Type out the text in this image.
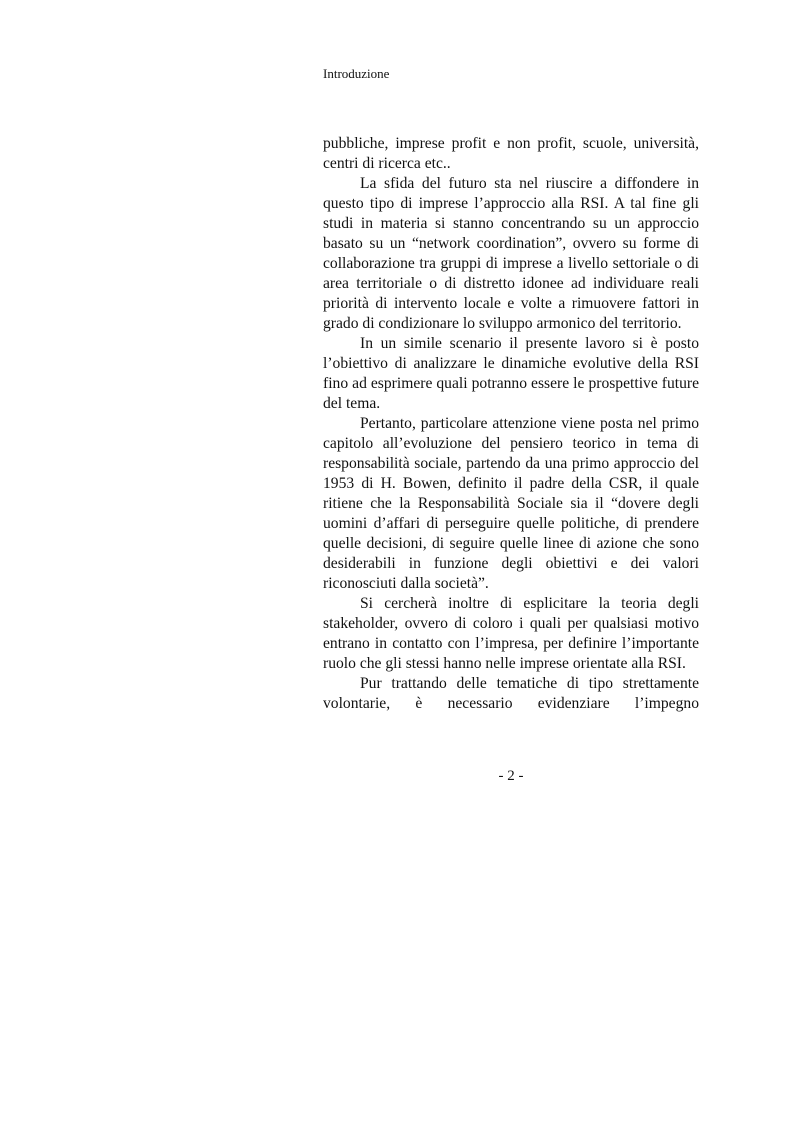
Introduzione

pubbliche, imprese profit e non profit, scuole, università, centri di ricerca etc..

La sfida del futuro sta nel riuscire a diffondere in questo tipo di imprese l’approccio alla RSI. A tal fine gli studi in materia si stanno concentrando su un approccio basato su un “network coordination”, ovvero su forme di collaborazione tra gruppi di imprese a livello settoriale o di area territoriale o di distretto idonee ad individuare reali priorità di intervento locale e volte a rimuovere fattori in grado di condizionare lo sviluppo armonico del territorio.

In un simile scenario il presente lavoro si è posto l’obiettivo di analizzare le dinamiche evolutive della RSI fino ad esprimere quali potranno essere le prospettive future del tema.

Pertanto, particolare attenzione viene posta nel primo capitolo all’evoluzione del pensiero teorico in tema di responsabilità sociale, partendo da una primo approccio del 1953 di H. Bowen, definito il padre della CSR, il quale ritiene che la Responsabilità Sociale sia il “dovere degli uomini d’affari di perseguire quelle politiche, di prendere quelle decisioni, di seguire quelle linee di azione che sono desiderabili in funzione degli obiettivi e dei valori riconosciuti dalla società”.

Si cercherà inoltre di esplicitare la teoria degli stakeholder, ovvero di coloro i quali per qualsiasi motivo entrano in contatto con l’impresa, per definire l’importante ruolo che gli stessi hanno nelle imprese orientate alla RSI.

Pur trattando delle tematiche di tipo strettamente volontarie, è necessario evidenziare l’impegno

- 2 -
